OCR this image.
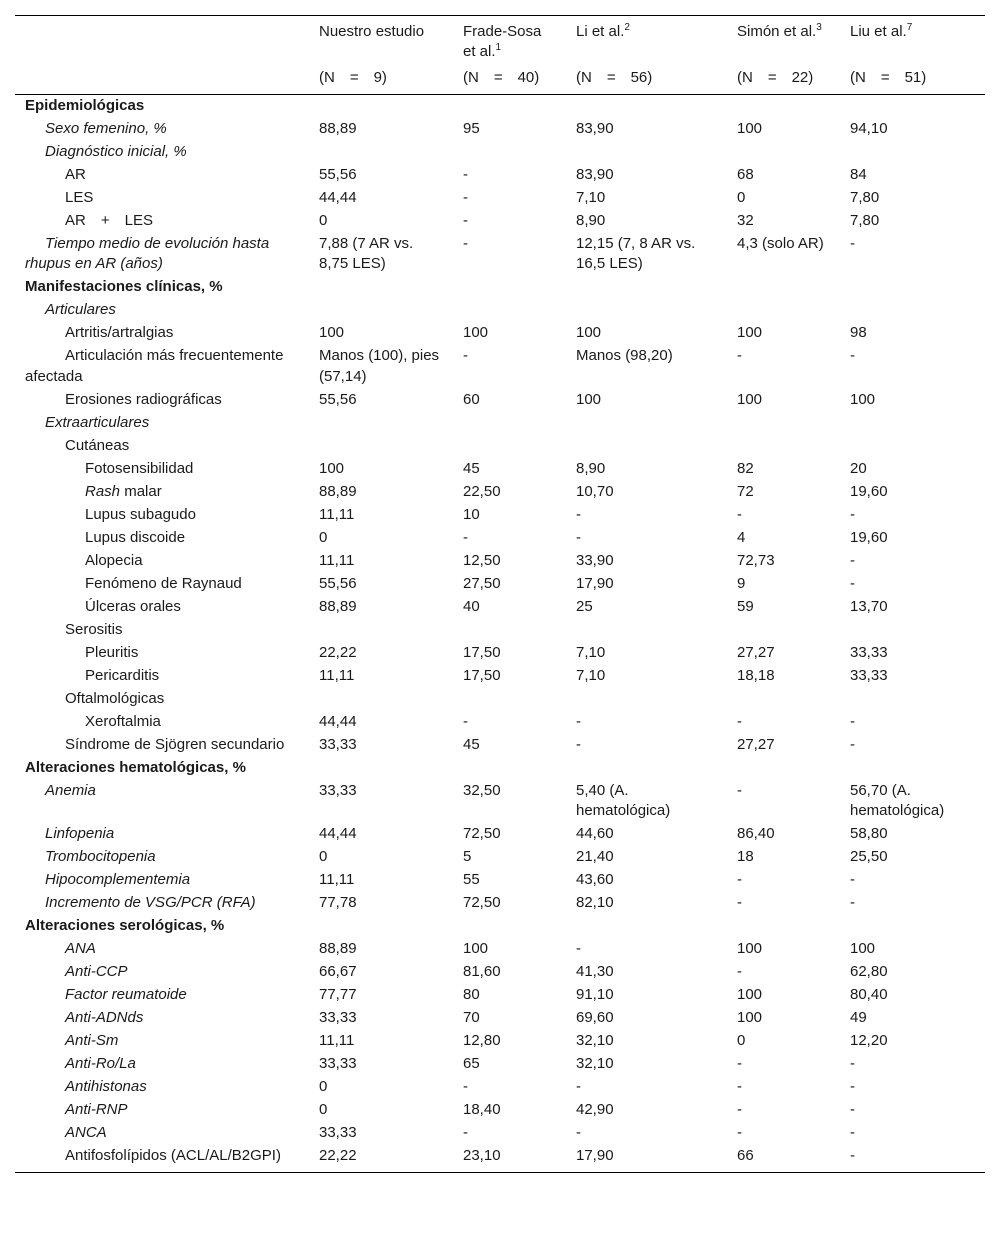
	Nuestro estudio	Frade-Sosa et al.$^1$	Li et al.$^2$	Simón et al.$^3$	Liu et al.$^7$
	(N = 9)	(N = 40)	(N = 56)	(N = 22)	(N = 51)
Epidemiológicas					
Sexo femenino, %	88,89	95	83,90	100	94,10
Diagnóstico inicial, %					
AR	55,56	-	83,90	68	84
LES	44,44	-	7,10	0	7,80
AR + LES	0	-	8,90	32	7,80
Tiempo medio de evolución hasta rhupus en AR (años)	7,88 (7 AR vs. 8,75 LES)	-	12,15 (7, 8 AR vs. 16,5 LES)	4,3 (solo AR)	-
Manifestaciones clínicas, %					
Articulares					
Artritis/artralgias	100	100	100	100	98
Articulación más frecuentemente afectada	Manos (100), pies (57,14)	-	Manos (98,20)	-	-
Erosiones radiográficas	55,56	60	100	100	100
Extraarticulares					
Cutáneas					
Fotosensibilidad	100	45	8,90	82	20
Rash malar	88,89	22,50	10,70	72	19,60
Lupus subagudo	11,11	10	-	-	-
Lupus discoide	0	-	-	4	19,60
Alopecia	11,11	12,50	33,90	72,73	-
Fenómeno de Raynaud	55,56	27,50	17,90	9	-
Úlceras orales	88,89	40	25	59	13,70
Serositis					
Pleuritis	22,22	17,50	7,10	27,27	33,33
Pericarditis	11,11	17,50	7,10	18,18	33,33
Oftalmológicas					
Xeroftalmia	44,44	-	-	-	-
Síndrome de Sjögren secundario	33,33	45	-	27,27	-
Alteraciones hematológicas, %					
Anemia	33,33	32,50	5,40 (A. hematológica)	-	56,70 (A. hematológica)
Linfopenia	44,44	72,50	44,60	86,40	58,80
Trombocitopenia	0	5	21,40	18	25,50
Hipocomplementemia	11,11	55	43,60	-	-
Incremento de VSG/PCR (RFA)	77,78	72,50	82,10	-	-
Alteraciones serológicas, %					
ANA	88,89	100	-	100	100
Anti-CCP	66,67	81,60	41,30	-	62,80
Factor reumatoide	77,77	80	91,10	100	80,40
Anti-ADNds	33,33	70	69,60	100	49
Anti-Sm	11,11	12,80	32,10	0	12,20
Anti-Ro/La	33,33	65	32,10	-	-
Antihistonas	0	-	-	-	-
Anti-RNP	0	18,40	42,90	-	-
ANCA	33,33	-	-	-	-
Antifosfolípidos (ACL/AL/B2GPI)	22,22	23,10	17,90	66	-
